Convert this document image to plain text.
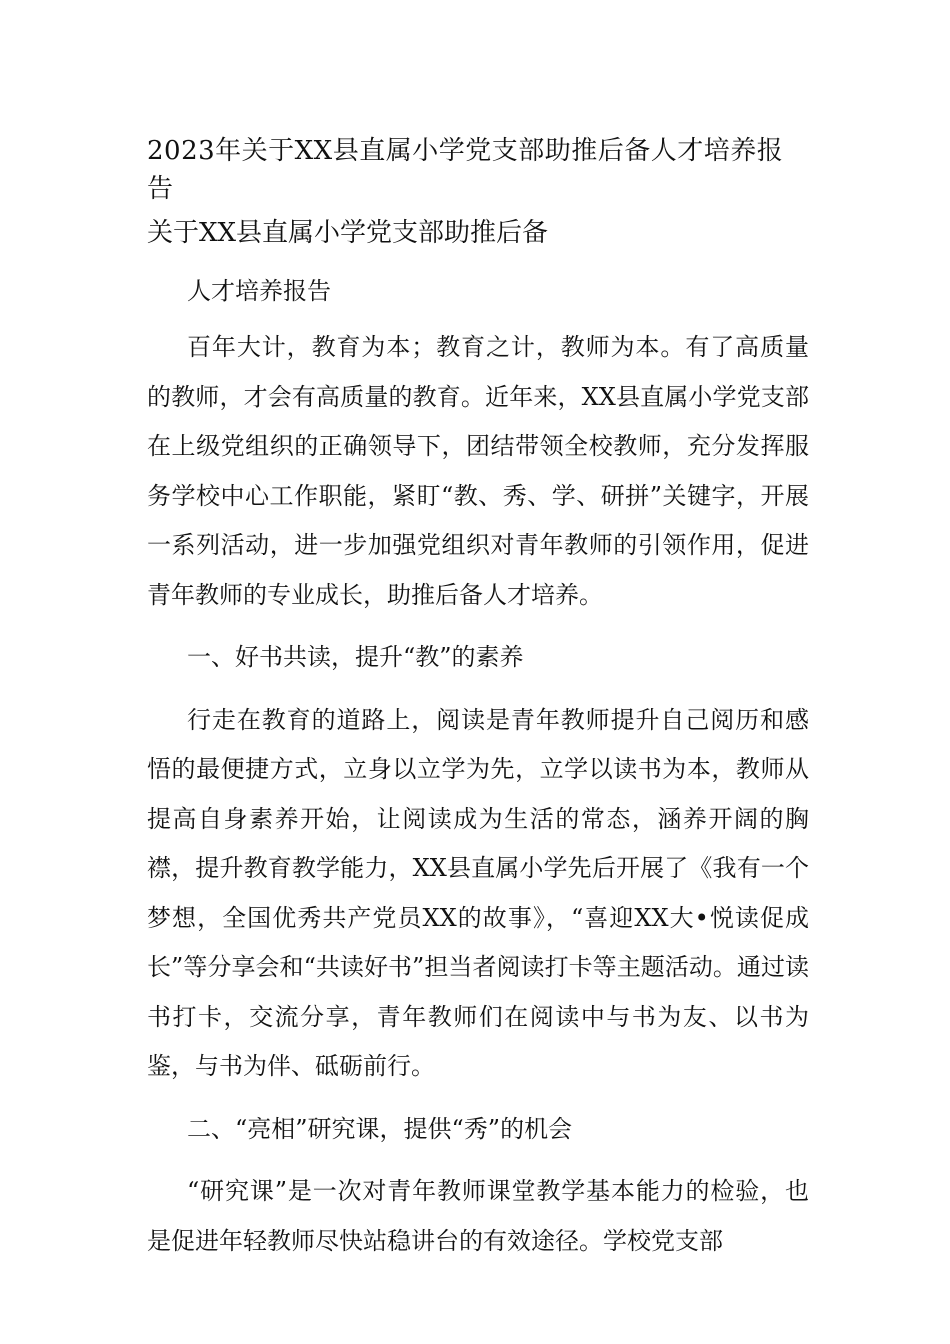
2023年关于XX县直属小学党支部助推后备人才培养报告

关于XX县直属小学党支部助推后备

人才培养报告

百年大计，教育为本；教育之计，教师为本。有了高质量的教师，才会有高质量的教育。近年来，XX县直属小学党支部在上级党组织的正确领导下，团结带领全校教师，充分发挥服务学校中心工作职能，紧盯“教、秀、学、研拼”关键字，开展一系列活动，进一步加强党组织对青年教师的引领作用，促进青年教师的专业成长，助推后备人才培养。

一、好书共读，提升“教”的素养

行走在教育的道路上，阅读是青年教师提升自己阅历和感悟的最便捷方式，立身以立学为先，立学以读书为本，教师从提高自身素养开始，让阅读成为生活的常态，涵养开阔的胸襟，提升教育教学能力，XX县直属小学先后开展了《我有一个梦想，全国优秀共产党员XX的故事》，“喜迎XX大•悦读促成长”等分享会和“共读好书”担当者阅读打卡等主题活动。通过读书打卡，交流分享，青年教师们在阅读中与书为友、以书为鉴，与书为伴、砥砺前行。

二、“亮相”研究课，提供“秀”的机会

“研究课”是一次对青年教师课堂教学基本能力的检验，也是促进年轻教师尽快站稳讲台的有效途径。学校党支部
